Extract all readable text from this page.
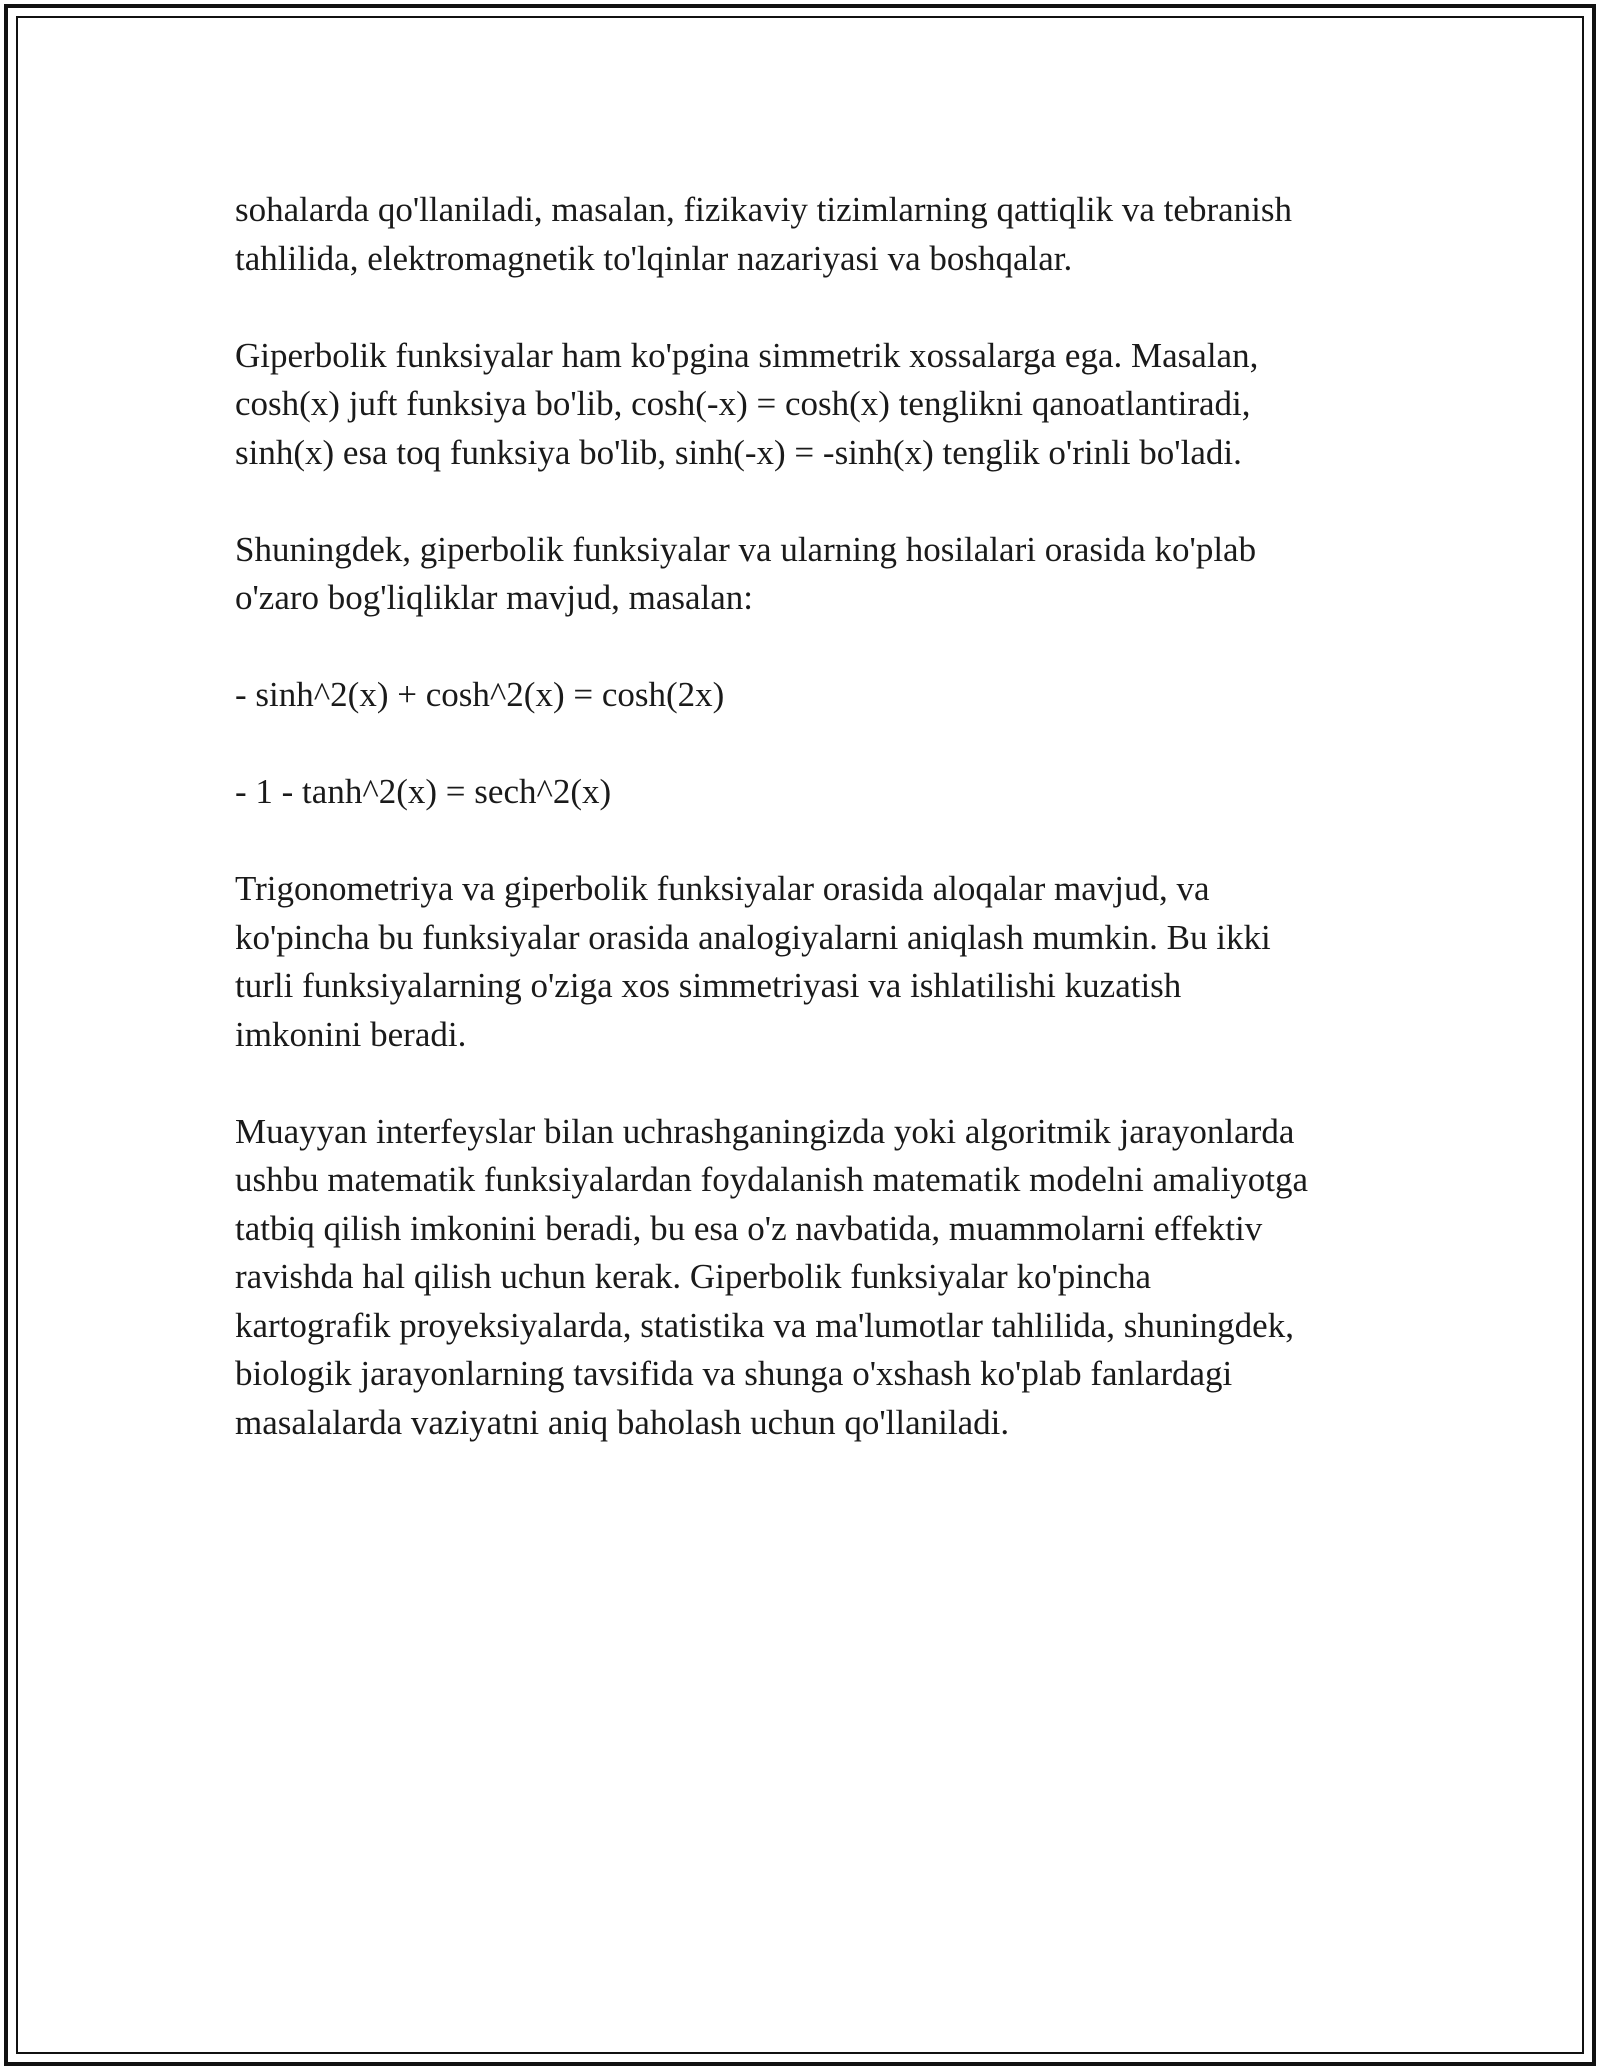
sohalarda qo'llaniladi, masalan, fizikaviy tizimlarning qattiqlik va tebranish
tahlilida, elektromagnetik to'lqinlar nazariyasi va boshqalar.

Giperbolik funksiyalar ham ko'pgina simmetrik xossalarga ega. Masalan,
cosh(x) juft funksiya bo'lib, cosh(-x) = cosh(x) tenglikni qanoatlantiradi,
sinh(x) esa toq funksiya bo'lib, sinh(-x) = -sinh(x) tenglik o'rinli bo'ladi.

Shuningdek, giperbolik funksiyalar va ularning hosilalari orasida ko'plab
o'zaro bog'liqliklar mavjud, masalan:

- sinh^2(x) + cosh^2(x) = cosh(2x)

- 1 - tanh^2(x) = sech^2(x)

Trigonometriya va giperbolik funksiyalar orasida aloqalar mavjud, va
ko'pincha bu funksiyalar orasida analogiyalarni aniqlash mumkin. Bu ikki
turli funksiyalarning o'ziga xos simmetriyasi va ishlatilishi kuzatish
imkonini beradi.

Muayyan interfeyslar bilan uchrashganingizda yoki algoritmik jarayonlarda
ushbu matematik funksiyalardan foydalanish matematik modelni amaliyotga
tatbiq qilish imkonini beradi, bu esa o'z navbatida, muammolarni effektiv
ravishda hal qilish uchun kerak. Giperbolik funksiyalar ko'pincha
kartografik proyeksiyalarda, statistika va ma'lumotlar tahlilida, shuningdek,
biologik jarayonlarning tavsifida va shunga o'xshash ko'plab fanlardagi
masalalarda vaziyatni aniq baholash uchun qo'llaniladi.
